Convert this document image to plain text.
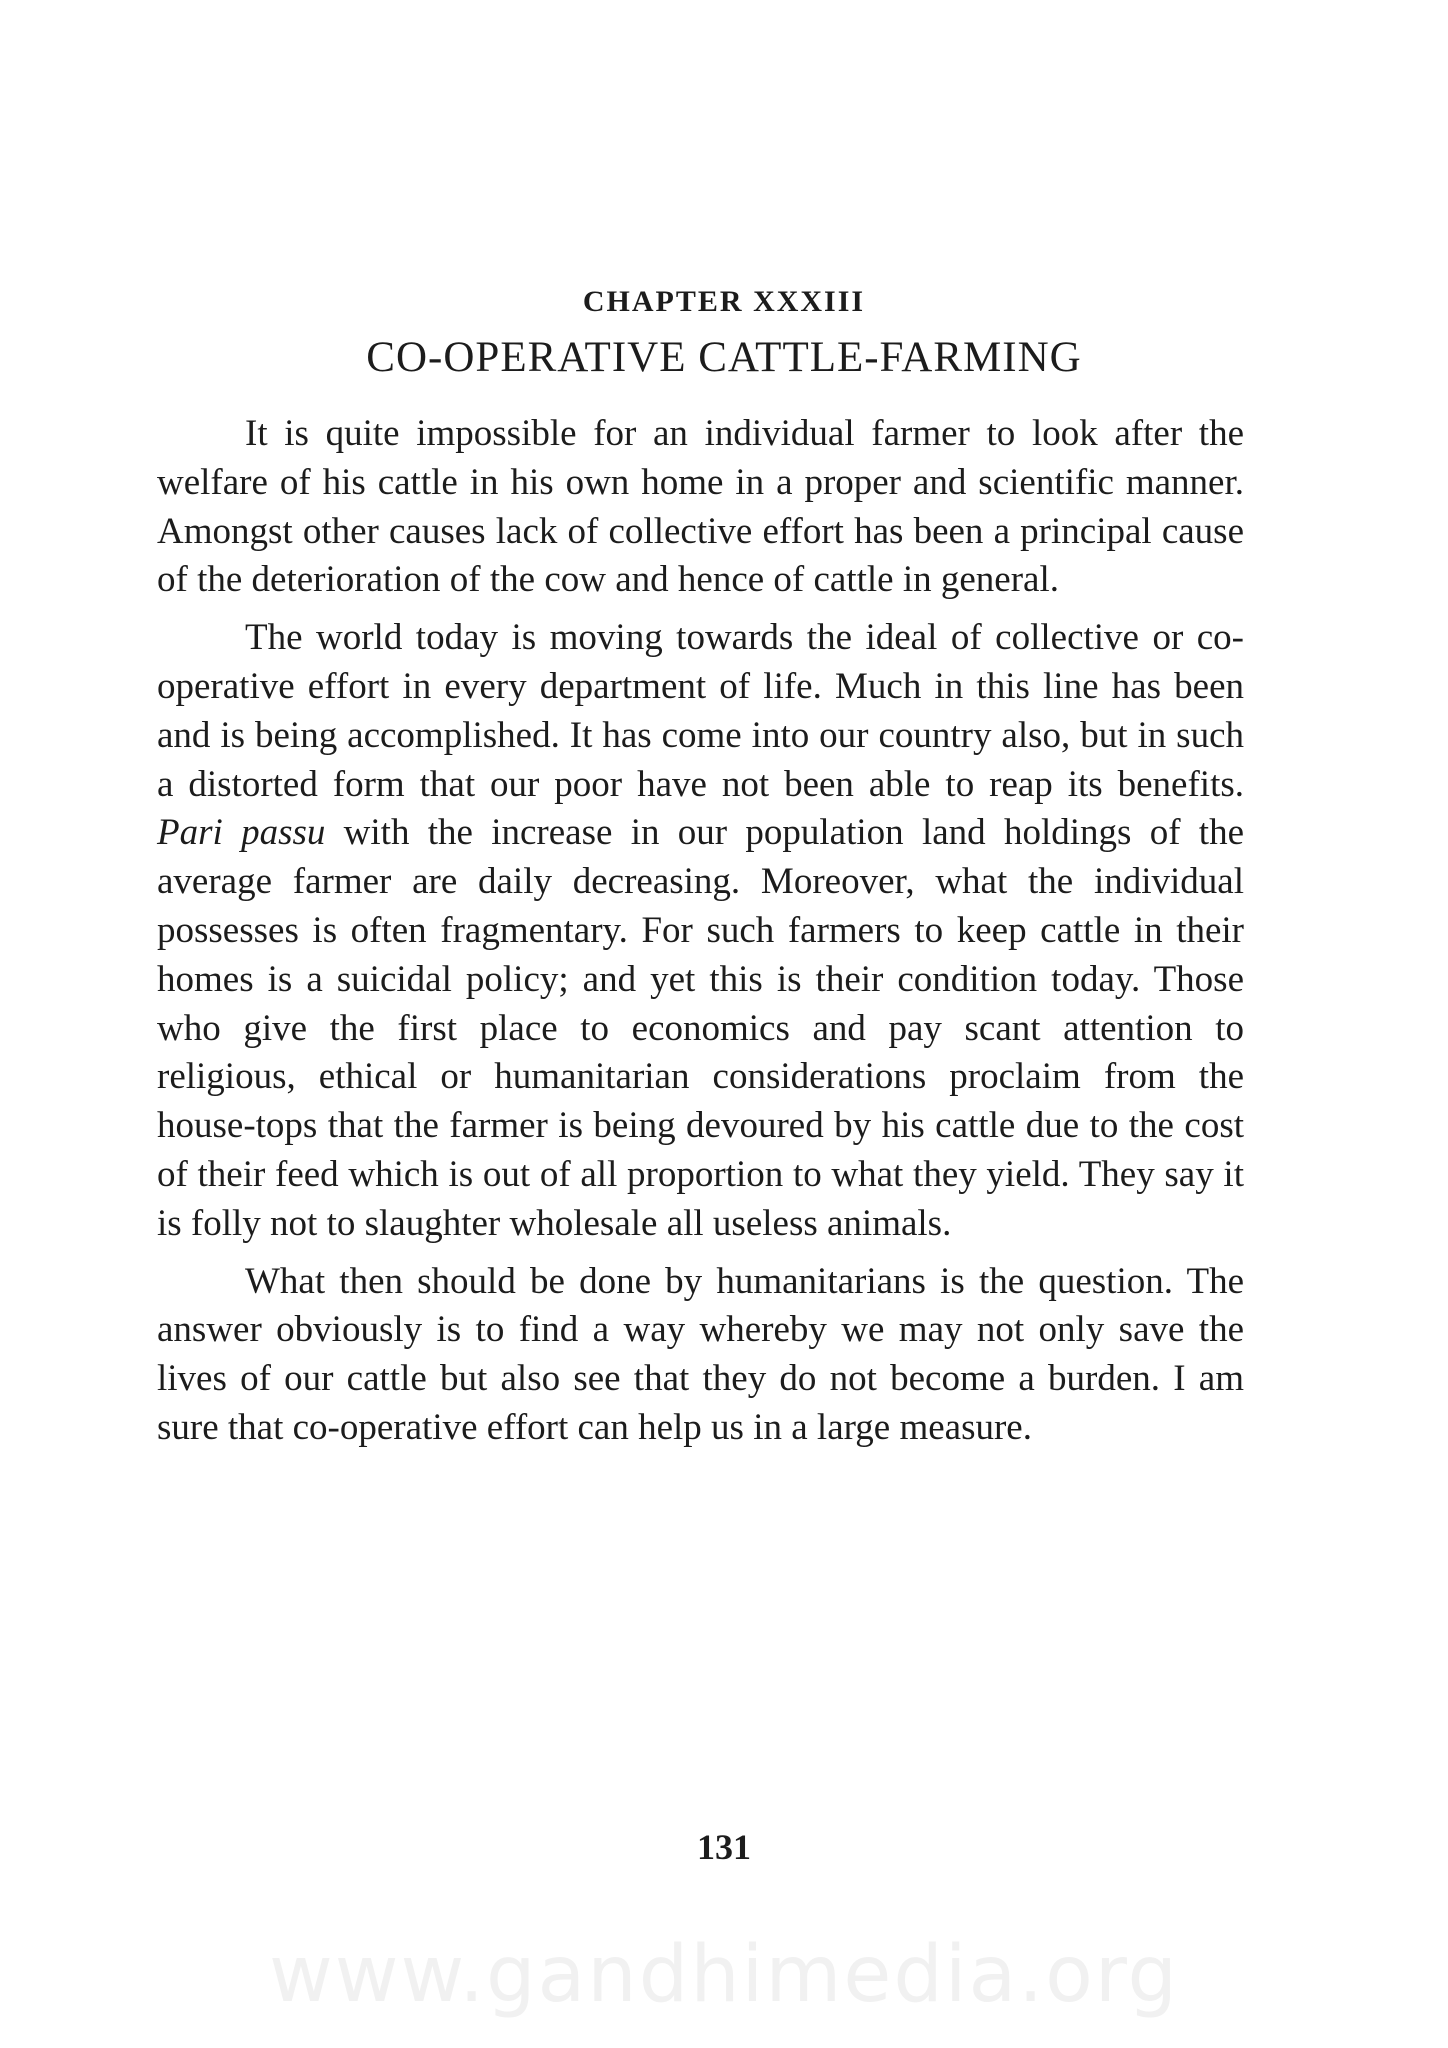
CHAPTER XXXIII
CO-OPERATIVE CATTLE-FARMING

It is quite impossible for an individual farmer to look after the welfare of his cattle in his own home in a proper and scientific manner. Amongst other causes lack of collective effort has been a principal cause of the deterioration of the cow and hence of cattle in general.

The world today is moving towards the ideal of collective or co-operative effort in every department of life. Much in this line has been and is being accomplished. It has come into our country also, but in such a distorted form that our poor have not been able to reap its benefits. Pari passu with the increase in our population land holdings of the average farmer are daily decreasing. Moreover, what the individual possesses is often fragmentary. For such farmers to keep cattle in their homes is a suicidal policy; and yet this is their condition today. Those who give the first place to economics and pay scant attention to religious, ethical or humanitarian considerations proclaim from the house-tops that the farmer is being devoured by his cattle due to the cost of their feed which is out of all proportion to what they yield. They say it is folly not to slaughter wholesale all useless animals.

What then should be done by humanitarians is the question. The answer obviously is to find a way whereby we may not only save the lives of our cattle but also see that they do not become a burden. I am sure that co-operative effort can help us in a large measure.

131
www.gandhimedia.org
